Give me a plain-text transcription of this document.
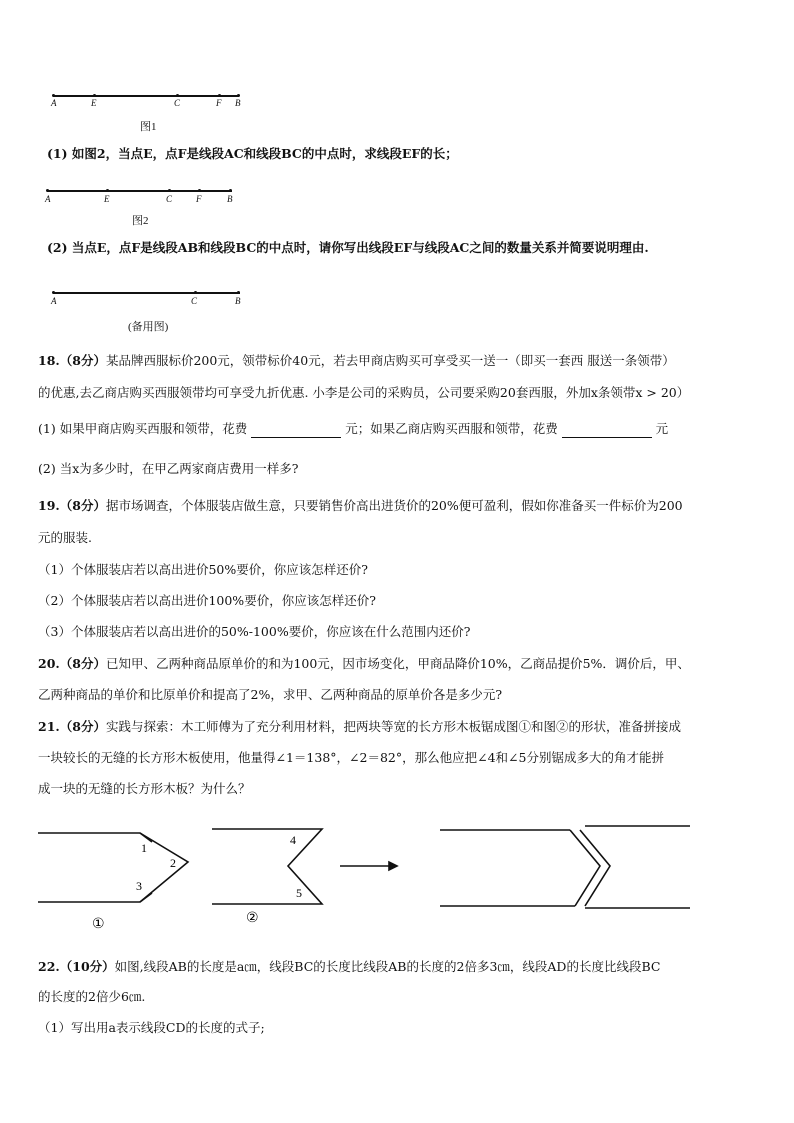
A	E	C	F B
图1
(1) 如图2，当点E，点F是线段AC和线段BC的中点时，求线段EF的长；
A	E	C	F	B
图2
(2) 当点E，点F是线段AB和线段BC的中点时，请你写出线段EF与线段AC之间的数量关系并简要说明理由.
A	C	B
(备用图)
18.（8分）某品牌西服标价200元，领带标价40元，若去甲商店购买可享受买一送一（即买一套西 服送一条领带）
的优惠,去乙商店购买西服领带均可享受九折优惠. 小李是公司的采购员，公司要采购20套西服，外加x条领带x > 20）
(1) 如果甲商店购买西服和领带，花费	元；如果乙商店购买西服和领带，花费	元
(2) 当x为多少时，在甲乙两家商店费用一样多?
19.（8分）据市场调查，个体服装店做生意，只要销售价高出进货价的20%便可盈利，假如你准备买一件标价为200
元的服装.
（1）个体服装店若以高出进价50%要价，你应该怎样还价?
（2）个体服装店若以高出进价100%要价，你应该怎样还价?
（3）个体服装店若以高出进价的50%-100%要价，你应该在什么范围内还价?
20.（8分）已知甲、乙两种商品原单价的和为100元，因市场变化，甲商品降价10%，乙商品提价5%．调价后，甲、
乙两种商品的单价和比原单价和提高了2%，求甲、乙两种商品的原单价各是多少元?
21.（8分）实践与探索：木工师傅为了充分利用材料，把两块等宽的长方形木板锯成图①和图②的形状，准备拼接成
一块较长的无缝的长方形木板使用，他量得∠1＝138°，∠2＝82°，那么他应把∠4和∠5分别锯成多大的角才能拼
成一块的无缝的长方形木板？为什么？
1
2
3
4
5
①	②
22.（10分）如图,线段AB的长度是a㎝，线段BC的长度比线段AB的长度的2倍多3㎝，线段AD的长度比线段BC
的长度的2倍少6㎝.
（1）写出用a表示线段CD的长度的式子;
